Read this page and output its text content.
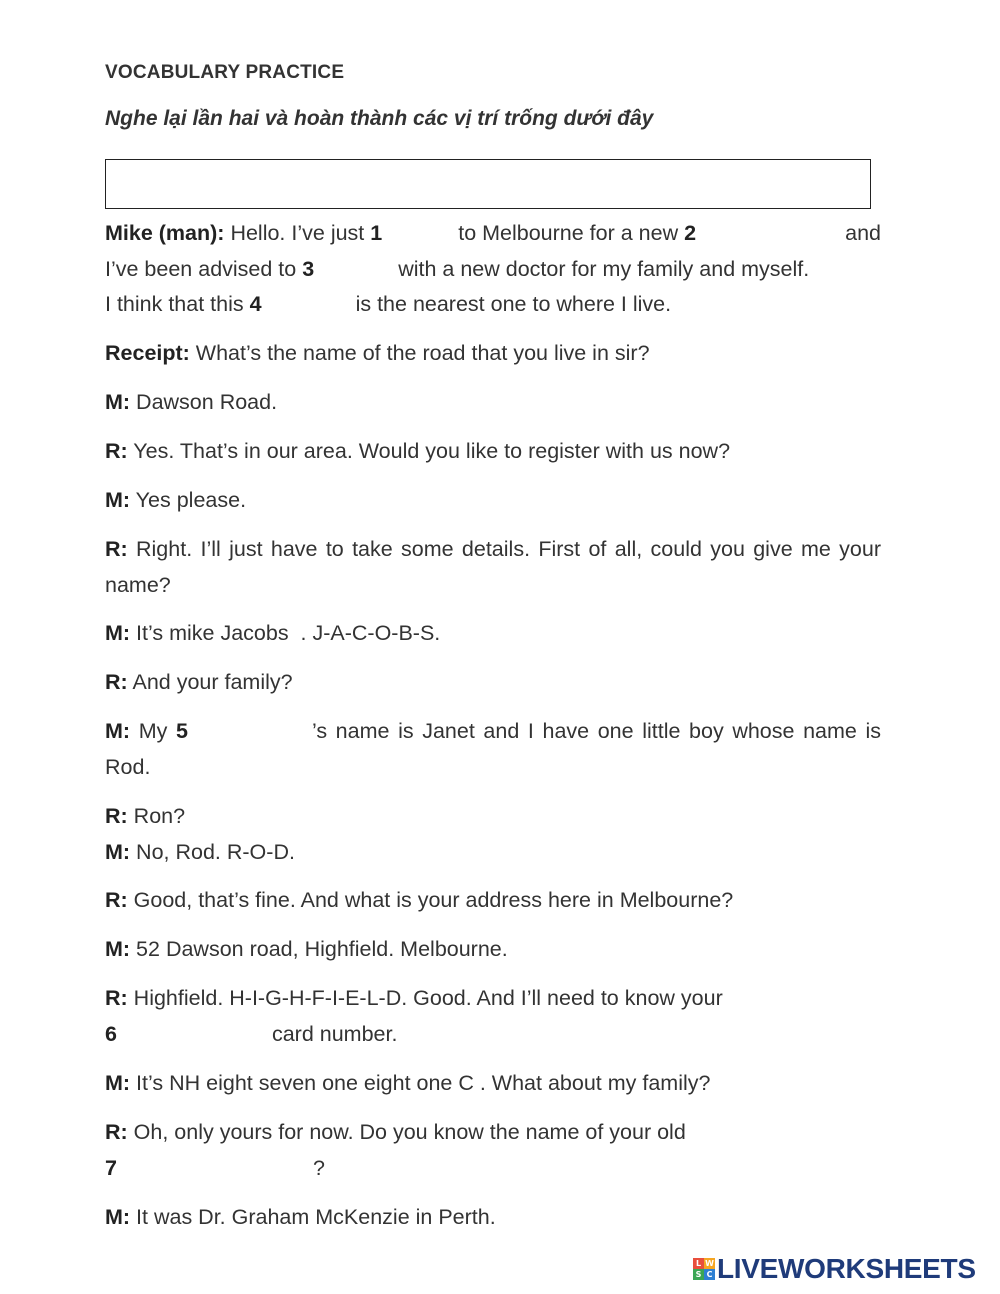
VOCABULARY PRACTICE
Nghe lại lần hai và hoàn thành các vị trí trống dưới đây
Mike (man): Hello. I’ve just 1	to Melbourne for a new 2	and
I’ve been advised to 3	with a new doctor for my family and myself.
I think that this 4	is the nearest one to where I live.
Receipt: What’s the name of the road that you live in sir?
M: Dawson Road.
R: Yes. That’s in our area. Would you like to register with us now?
M: Yes please.
R: Right. I’ll just have to take some details. First of all, could you give me your name?
M: It’s mike Jacobs  . J-A-C-O-B-S.
R: And your family?
M: My 5	’s name is Janet and I have one little boy whose name is Rod.
R: Ron?
M: No, Rod. R-O-D.
R: Good, that’s fine. And what is your address here in Melbourne?
M: 52 Dawson road, Highfield. Melbourne.
R: Highfield. H-I-G-H-F-I-E-L-D. Good. And I’ll need to know your
6	card number.
M: It’s NH eight seven one eight one C . What about my family?
R: Oh, only yours for now. Do you know the name of your old
7	?
M: It was Dr. Graham McKenzie in Perth.
L W
S C LIVEWORKSHEETS
